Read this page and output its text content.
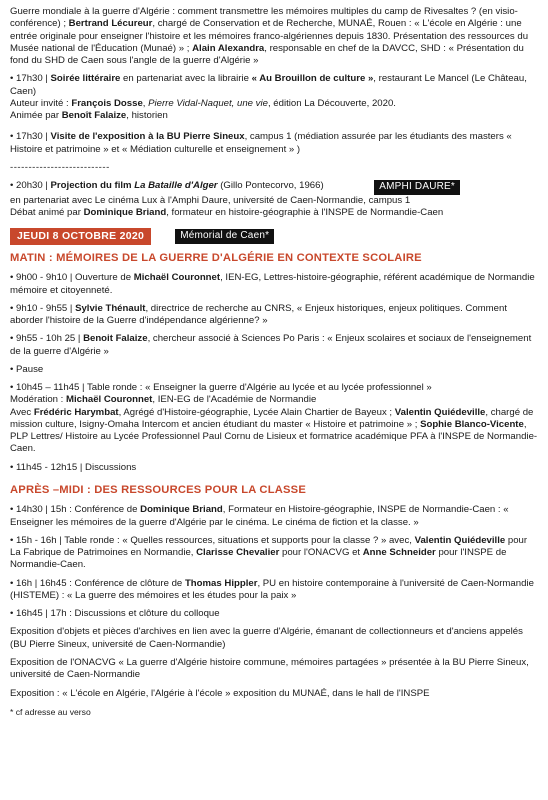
Guerre mondiale à la guerre d'Algérie : comment transmettre les mémoires multiples du camp de Rivesaltes ? (en visio-conférence) ; Bertrand Lécureur, chargé de Conservation et de Recherche, MUNAÉ, Rouen : « L'école en Algérie : une entrée originale pour enseigner l'histoire et les mémoires franco-algériennes depuis 1830. Présentation des ressources du Musée national de l'Éducation (Munaé) » ; Alain Alexandra, responsable en chef de la DAVCC, SHD : « Présentation du fond du SHD de Caen sous l'angle de la guerre d'Algérie »

• 17h30 | Soirée littéraire en partenariat avec la librairie « Au Brouillon de culture », restaurant Le Mancel (Le Château, Caen)

Auteur invité : François Dosse, Pierre Vidal-Naquet, une vie, édition La Découverte, 2020.

Animée par Benoît Falaize, historien

• 17h30 | Visite de l'exposition à la BU Pierre Sineux, campus 1 (médiation assurée par les étudiants des masters « Histoire et patrimoine » et « Médiation culturelle et enseignement » )

---------------------------

• 20h30 | Projection du film La Bataille d'Alger (Gillo Pontecorvo, 1966)	AMPHI DAURE*

en partenariat avec Le cinéma Lux à l'Amphi Daure, université de Caen-Normandie, campus 1

Débat animé par Dominique Briand, formateur en histoire-géographie à l'INSPE de Normandie-Caen

JEUDI 8 OCTOBRE 2020	Mémorial de Caen*
MATIN : MÉMOIRES DE LA GUERRE D'ALGÉRIE EN CONTEXTE SCOLAIRE

• 9h00 - 9h10 | Ouverture de Michaël Couronnet, IEN-EG, Lettres-histoire-géographie, référent académique de Normandie mémoire et citoyenneté.

• 9h10 - 9h55 | Sylvie Thénault, directrice de recherche au CNRS, « Enjeux historiques, enjeux politiques. Comment aborder l'histoire de la Guerre d'indépendance algérienne? »

• 9h55 - 10h 25 | Benoit Falaize, chercheur associé à Sciences Po Paris : « Enjeux scolaires et sociaux de l'enseignement de la guerre d'Algérie »

• Pause

• 10h45 – 11h45 | Table ronde : « Enseigner la guerre d'Algérie au lycée et au lycée professionnel »

Modération : Michaël Couronnet, IEN-EG de l'Académie de Normandie

Avec Frédéric Harymbat, Agrégé d'Histoire-géographie, Lycée Alain Chartier de Bayeux ; Valentin Quiédeville, chargé de mission culture, Isigny-Omaha Intercom et ancien étudiant du master « Histoire et patrimoine » ; Sophie Blanco-Vicente, PLP Lettres/ Histoire au Lycée Professionnel Paul Cornu de Lisieux et formatrice académique PFA à l'INSPE de Normandie-Caen.

• 11h45 - 12h15 | Discussions

APRÈS –MIDI : DES RESSOURCES POUR LA CLASSE

• 14h30 | 15h : Conférence de Dominique Briand, Formateur en Histoire-géographie, INSPE de Normandie-Caen : « Enseigner les mémoires de la guerre d'Algérie par le cinéma. Le cinéma de fiction et la classe. »

• 15h - 16h | Table ronde : « Quelles ressources, situations et supports pour la classe ? » avec, Valentin Quiédeville pour La Fabrique de Patrimoines en Normandie, Clarisse Chevalier pour l'ONACVG et Anne Schneider pour l'INSPE de Normandie-Caen.

• 16h | 16h45 : Conférence de clôture de Thomas Hippler, PU en histoire contemporaine à l'université de Caen-Normandie (HISTEME) : « La guerre des mémoires et les études pour la paix »

• 16h45 | 17h : Discussions et clôture du colloque

Exposition d'objets et pièces d'archives en lien avec la guerre d'Algérie, émanant de collectionneurs et d'anciens appelés (BU Pierre Sineux, université de Caen-Normandie)

Exposition de l'ONACVG « La guerre d'Algérie histoire commune, mémoires partagées » présentée à la BU Pierre Sineux, université de Caen-Normandie

Exposition : « L'école en Algérie, l'Algérie à l'école » exposition du MUNAÉ, dans le hall de l'INSPE

* cf adresse au verso
